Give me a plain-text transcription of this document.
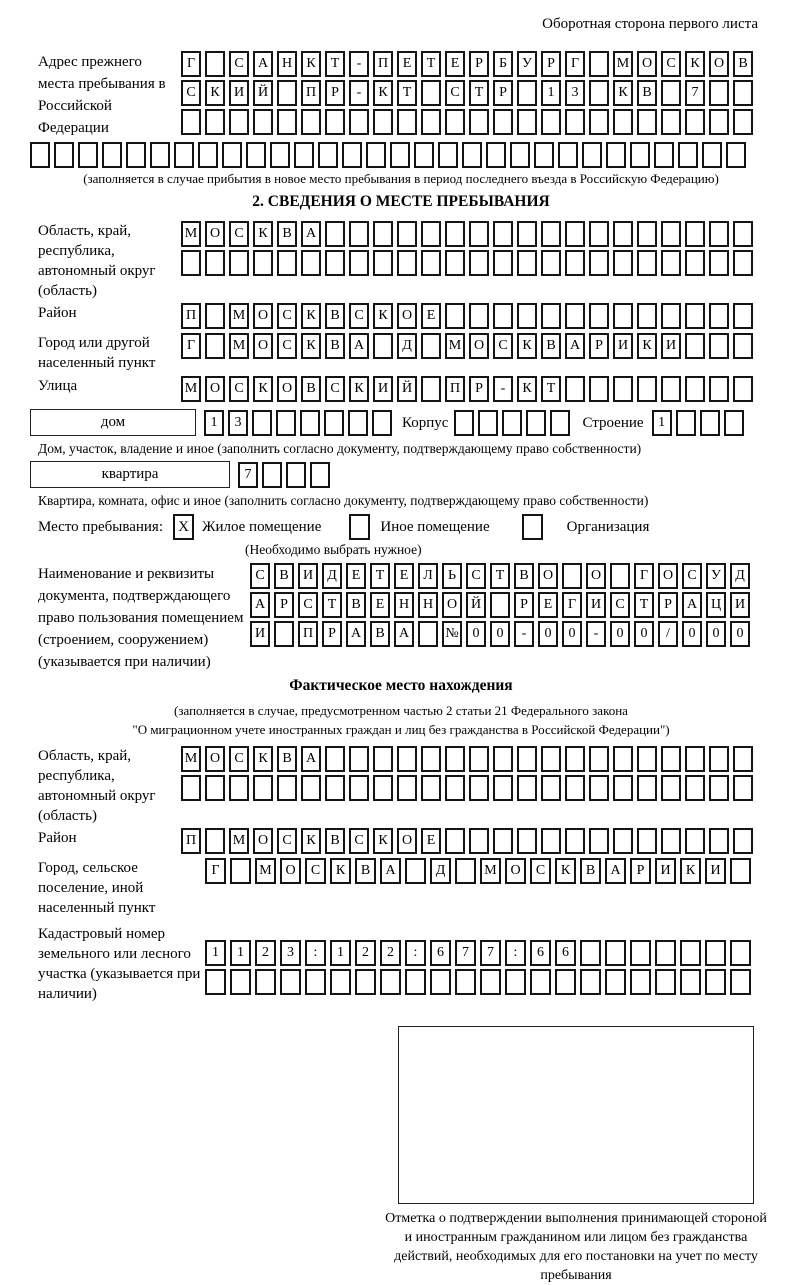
Оборотная сторона первого листа
Адрес прежнего места пребывания в Российской Федерации
Г	С	А Н	К	Т	-	П	Е	Т	Е	Р	Б	У	Р	Г	М О	С	К	О	В
С	К	И Й	П	Р	-	К	Т	С	Т	Р	1	3	К	В	7
(заполняется в случае прибытия в новое место пребывания в период последнего въезда в Российскую Федерацию)
2. СВЕДЕНИЯ О МЕСТЕ ПРЕБЫВАНИЯ
Область, край, республика, автономный округ (область)
М О	С	К	В	А
Район	П	М О	С	К	В	С	К	О	Е
Город или другой населенный пункт
Г	М О	С	К	В	А	Д	М О	С	К	В	А	Р	И	К	И
Улица	М О	С	К	О	В	С	К	И Й	П	Р	-	К	Т
дом	1	3	Корпус	Строение	1
Дом, участок, владение и иное (заполнить согласно документу, подтверждающему право собственности)
квартира	7
Квартира, комната, офис и иное (заполнить согласно документу, подтверждающему право собственности)
Место пребывания:	X Жилое помещение	Иное помещение	Организация
(Необходимо выбрать нужное)
Наименование и реквизиты документа, подтверждающего право пользования помещением (строением, сооружением) (указывается при наличии)
С	В	И	Д	Е	Т	Е	Л	Ь	С	Т	В	О	О	Г	О	С	У	Д
А	Р	С	Т	В	Е	Н Н О Й	Р	Е	Г	И	С	Т	Р	А Ц И
И	П	Р	А	В	А	№ 0	0	-	0	0	-	0	0	/	0	0	0
Фактическое место нахождения
(заполняется в случае, предусмотренном частью 2 статьи 21 Федерального закона
"О миграционном учете иностранных граждан и лиц без гражданства в Российской Федерации")
Область, край, республика, автономный округ (область)
М О	С	К	В	А
Район	П	М О	С	К	В	С	К	О	Е
Город, сельское поселение, иной населенный пункт
Г	М О	С	К	В	А	Д	М О	С	К	В	А	Р	И	К	И
Кадастровый номер земельного или лесного участка (указывается при наличии)
1	1	2	3	:	1	2	2	:	6	7	7	:	6	6
Отметка о подтверждении выполнения принимающей стороной и иностранным гражданином или лицом без гражданства действий, необходимых для его постановки на учет по месту пребывания
